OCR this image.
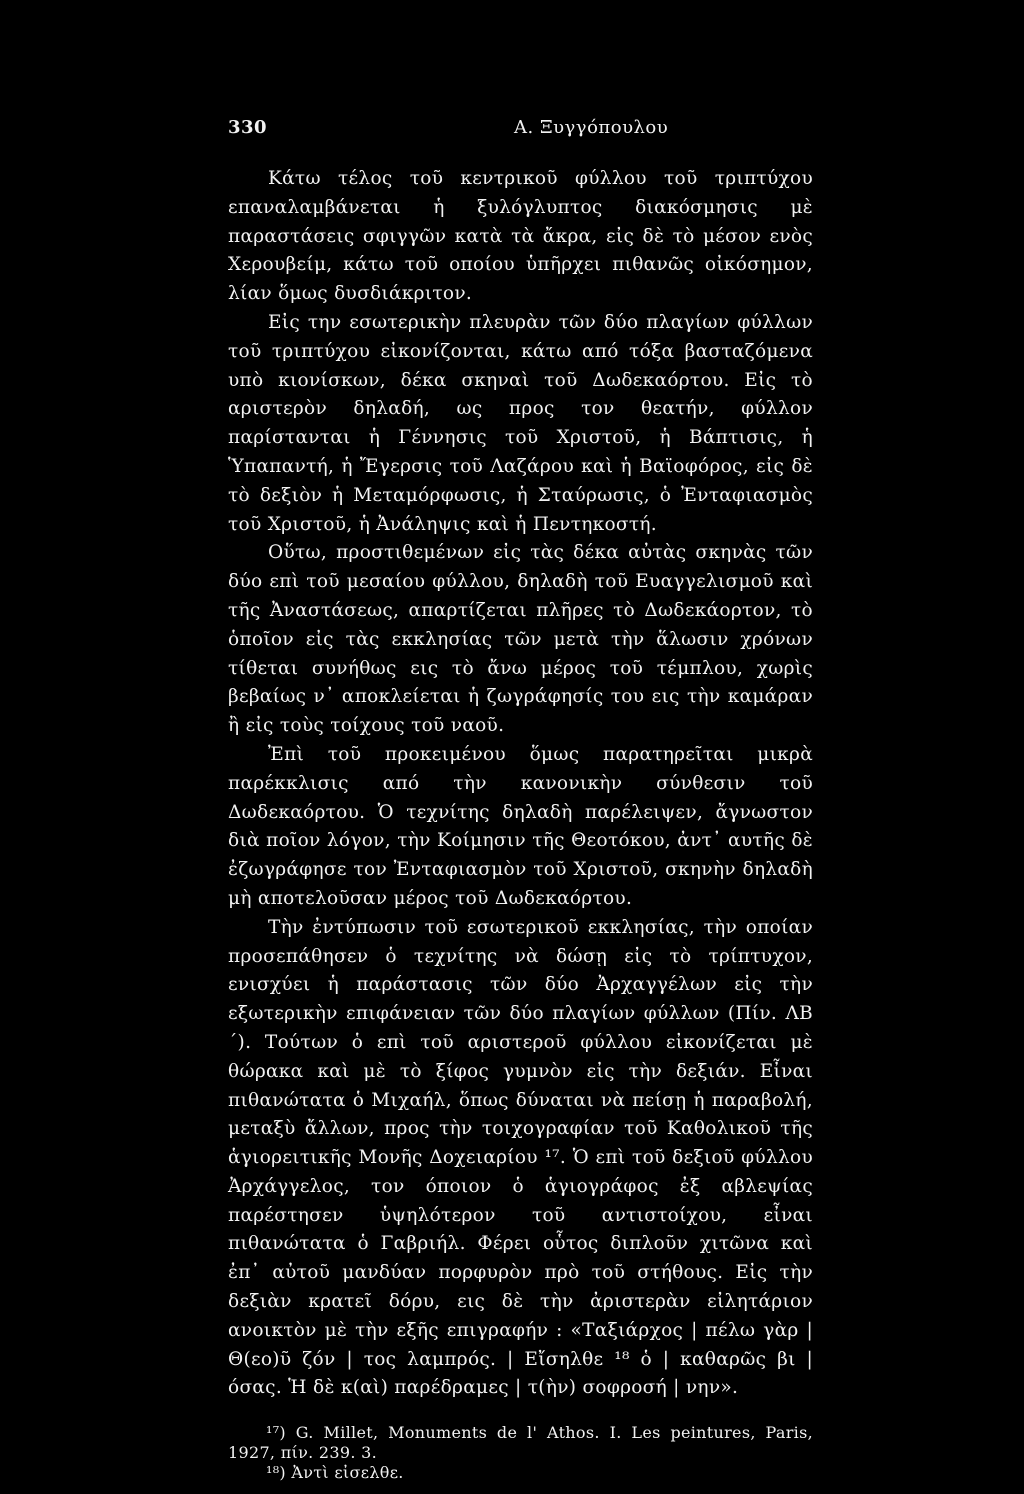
330	Α. Ξυγγόπουλου

Κάτω τέλος τοῦ κεντρικοῦ φύλλου τοῦ τριπτύχου επαναλαμβάνεται ἡ ξυλόγλυπτος διακόσμησις μὲ παραστάσεις σφιγγῶν κατὰ τὰ ἄκρα, εἰς δὲ τὸ μέσον ενὸς Χερουβείμ, κάτω τοῦ οποίου ὑπῆρχει πιθανῶς οἰκόσημον, λίαν ὅμως δυσδιάκριτον.

Εἰς την εσωτερικὴν πλευρὰν τῶν δύο πλαγίων φύλλων τοῦ τριπτύχου εἰκονίζονται, κάτω από τόξα βασταζόμενα υπὸ κιονίσκων, δέκα σκηναὶ τοῦ Δωδεκαόρτου. Εἰς τὸ αριστερὸν δηλαδή, ως προς τον θεατήν, φύλλον παρίστανται ἡ Γέννησις τοῦ Χριστοῦ, ἡ Βάπτισις, ἡ Ὑπαπαντή, ἡ Ἔγερσις τοῦ Λαζάρου καὶ ἡ Βαϊοφόρος, εἰς δὲ τὸ δεξιὸν ἡ Μεταμόρφωσις, ἡ Σταύρωσις, ὁ Ἐνταφιασμὸς τοῦ Χριστοῦ, ἡ Ἀνάληψις καὶ ἡ Πεντηκοστή.

Οὕτω, προστιθεμένων εἰς τὰς δέκα αὐτὰς σκηνὰς τῶν δύο επὶ τοῦ μεσαίου φύλλου, δηλαδὴ τοῦ Ευαγγελισμοῦ καὶ τῆς Ἀναστάσεως, απαρτίζεται πλῆρες τὸ Δωδεκάορτον, τὸ ὁποῖον εἰς τὰς εκκλησίας τῶν μετὰ τὴν ἅλωσιν χρόνων τίθεται συνήθως εις τὸ ἄνω μέρος τοῦ τέμπλου, χωρὶς βεβαίως ν᾿ αποκλείεται ἡ ζωγράφησίς του εις τὴν καμάραν ἢ εἰς τοὺς τοίχους τοῦ ναοῦ.

Ἐπὶ τοῦ προκειμένου ὅμως παρατηρεῖται μικρὰ παρέκκλισις από τὴν κανονικὴν σύνθεσιν τοῦ Δωδεκαόρτου. Ὁ τεχνίτης δηλαδὴ παρέλειψεν, ἄγνωστον διὰ ποῖον λόγον, τὴν Κοίμησιν τῆς Θεοτόκου, ἀντ᾿ αυτῆς δὲ ἐζωγράφησε τον Ἐνταφιασμὸν τοῦ Χριστοῦ, σκηνὴν δηλαδὴ μὴ αποτελοῦσαν μέρος τοῦ Δωδεκαόρτου.

Τὴν ἐντύπωσιν τοῦ εσωτερικοῦ εκκλησίας, τὴν οποίαν προσεπάθησεν ὁ τεχνίτης νὰ δώσῃ εἰς τὸ τρίπτυχον, ενισχύει ἡ παράστασις τῶν δύο Ἀρχαγγέλων εἰς τὴν εξωτερικὴν επιφάνειαν τῶν δύο πλαγίων φύλλων (Πίν. ΛΒ´). Τούτων ὁ επὶ τοῦ αριστεροῦ φύλλου εἰκονίζεται μὲ θώρακα καὶ μὲ τὸ ξίφος γυμνὸν εἰς τὴν δεξιάν. Εἶναι πιθανώτατα ὁ Μιχαήλ, ὅπως δύναται νὰ πείσῃ ἡ παραβολή, μεταξὺ ἄλλων, προς τὴν τοιχογραφίαν τοῦ Καθολικοῦ τῆς ἁγιορειτικῆς Μονῆς Δοχειαρίου ¹⁷. Ὁ επὶ τοῦ δεξιοῦ φύλλου Ἀρχάγγελος, τον όποιον ὁ ἁγιογράφος ἐξ αβλεψίας παρέστησεν ὑψηλότερον τοῦ αντιστοίχου, εἶναι πιθανώτατα ὁ Γαβριήλ. Φέρει οὗτος διπλοῦν χιτῶνα καὶ ἐπ᾿ αὐτοῦ μανδύαν πορφυρὸν πρὸ τοῦ στήθους. Εἰς τὴν δεξιὰν κρατεῖ δόρυ, εις δὲ τὴν ἀριστερὰν εἰλητάριον ανοικτὸν μὲ τὴν εξῆς επιγραφήν : «Ταξιάρχος | πέλω γὰρ | Θ(εο)ῦ ζόν | τος λαμπρός. | Εἴσηλθε ¹⁸ ὁ | καθαρῶς βι | όσας. Ἡ δὲ κ(αὶ) παρέδραμες | τ(ὴν) σοφροσή | νην».

¹⁷) G. Millet, Monuments de l' Athos. I. Les peintures, Paris, 1927, πίν. 239. 3.
¹⁸) Ἀντὶ εἰσελθε.
